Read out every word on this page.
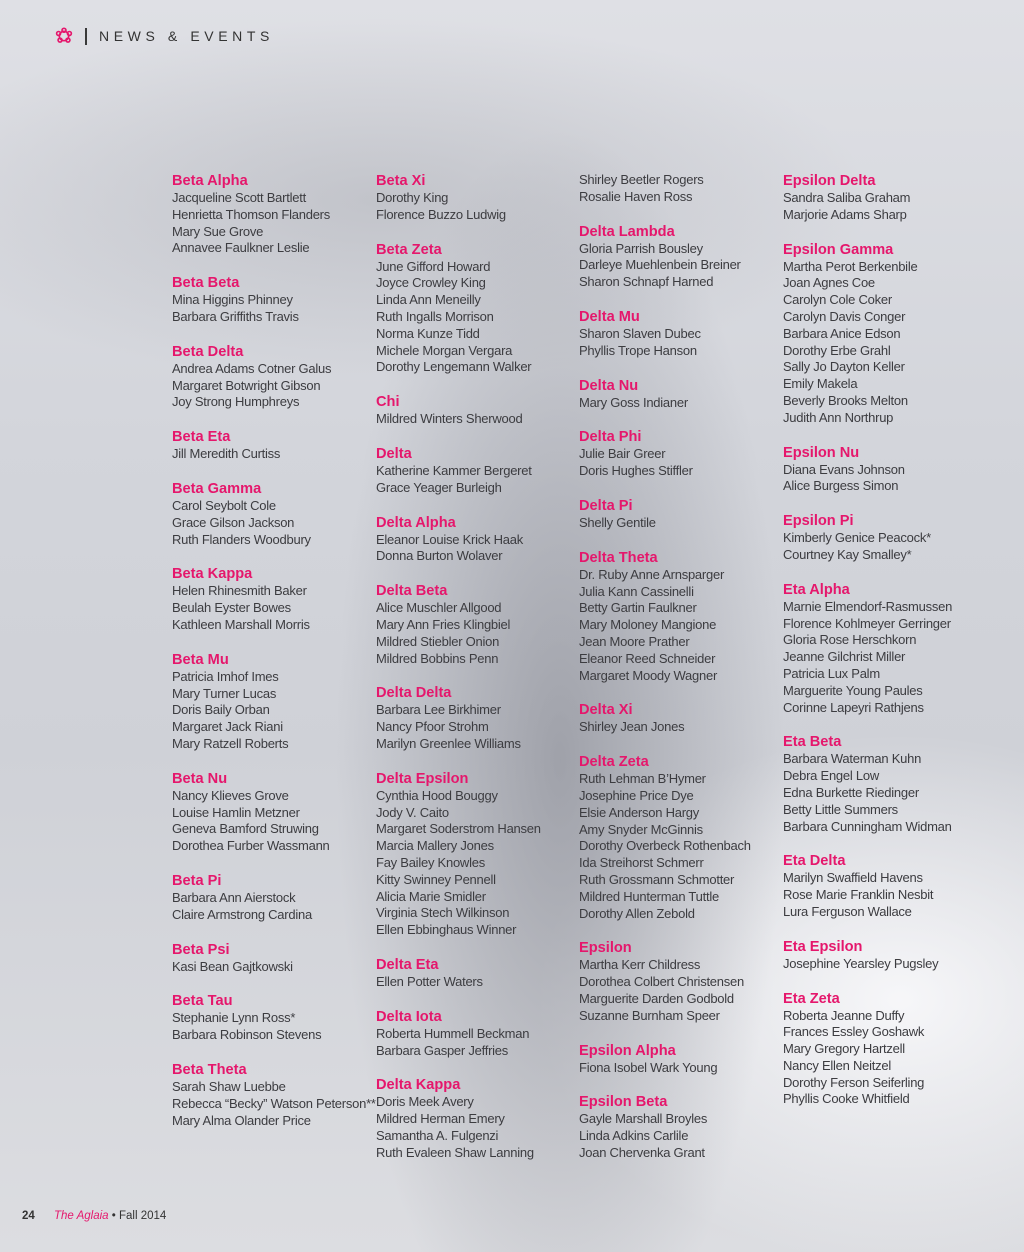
NEWS & EVENTS
Beta Alpha
Jacqueline Scott Bartlett
Henrietta Thomson Flanders
Mary Sue Grove
Annavee Faulkner Leslie
Beta Beta
Mina Higgins Phinney
Barbara Griffiths Travis
Beta Delta
Andrea Adams Cotner Galus
Margaret Botwright Gibson
Joy Strong Humphreys
Beta Eta
Jill Meredith Curtiss
Beta Gamma
Carol Seybolt Cole
Grace Gilson Jackson
Ruth Flanders Woodbury
Beta Kappa
Helen Rhinesmith Baker
Beulah Eyster Bowes
Kathleen Marshall Morris
Beta Mu
Patricia Imhof Imes
Mary Turner Lucas
Doris Baily Orban
Margaret Jack Riani
Mary Ratzell Roberts
Beta Nu
Nancy Klieves Grove
Louise Hamlin Metzner
Geneva Bamford Struwing
Dorothea Furber Wassmann
Beta Pi
Barbara Ann Aierstock
Claire Armstrong Cardina
Beta Psi
Kasi Bean Gajtkowski
Beta Tau
Stephanie Lynn Ross*
Barbara Robinson Stevens
Beta Theta
Sarah Shaw Luebbe
Rebecca “Becky” Watson Peterson**
Mary Alma Olander Price
Beta Xi
Dorothy King
Florence Buzzo Ludwig
Beta Zeta
June Gifford Howard
Joyce Crowley King
Linda Ann Meneilly
Ruth Ingalls Morrison
Norma Kunze Tidd
Michele Morgan Vergara
Dorothy Lengemann Walker
Chi
Mildred Winters Sherwood
Delta
Katherine Kammer Bergeret
Grace Yeager Burleigh
Delta Alpha
Eleanor Louise Krick Haak
Donna Burton Wolaver
Delta Beta
Alice Muschler Allgood
Mary Ann Fries Klingbiel
Mildred Stiebler Onion
Mildred Bobbins Penn
Delta Delta
Barbara Lee Birkhimer
Nancy Pfoor Strohm
Marilyn Greenlee Williams
Delta Epsilon
Cynthia Hood Bouggy
Jody V. Caito
Margaret Soderstrom Hansen
Marcia Mallery Jones
Fay Bailey Knowles
Kitty Swinney Pennell
Alicia Marie Smidler
Virginia Stech Wilkinson
Ellen Ebbinghaus Winner
Delta Eta
Ellen Potter Waters
Delta Iota
Roberta Hummell Beckman
Barbara Gasper Jeffries
Delta Kappa
Doris Meek Avery
Mildred Herman Emery
Samantha A. Fulgenzi
Ruth Evaleen Shaw Lanning
Shirley Beetler Rogers
Rosalie Haven Ross
Delta Lambda
Gloria Parrish Bousley
Darleye Muehlenbein Breiner
Sharon Schnapf Harned
Delta Mu
Sharon Slaven Dubec
Phyllis Trope Hanson
Delta Nu
Mary Goss Indianer
Delta Phi
Julie Bair Greer
Doris Hughes Stiffler
Delta Pi
Shelly Gentile
Delta Theta
Dr. Ruby Anne Arnsparger
Julia Kann Cassinelli
Betty Gartin Faulkner
Mary Moloney Mangione
Jean Moore Prather
Eleanor Reed Schneider
Margaret Moody Wagner
Delta Xi
Shirley Jean Jones
Delta Zeta
Ruth Lehman B’Hymer
Josephine Price Dye
Elsie Anderson Hargy
Amy Snyder McGinnis
Dorothy Overbeck Rothenbach
Ida Streihorst Schmerr
Ruth Grossmann Schmotter
Mildred Hunterman Tuttle
Dorothy Allen Zebold
Epsilon
Martha Kerr Childress
Dorothea Colbert Christensen
Marguerite Darden Godbold
Suzanne Burnham Speer
Epsilon Alpha
Fiona Isobel Wark Young
Epsilon Beta
Gayle Marshall Broyles
Linda Adkins Carlile
Joan Chervenka Grant
Epsilon Delta
Sandra Saliba Graham
Marjorie Adams Sharp
Epsilon Gamma
Martha Perot Berkenbile
Joan Agnes Coe
Carolyn Cole Coker
Carolyn Davis Conger
Barbara Anice Edson
Dorothy Erbe Grahl
Sally Jo Dayton Keller
Emily Makela
Beverly Brooks Melton
Judith Ann Northrup
Epsilon Nu
Diana Evans Johnson
Alice Burgess Simon
Epsilon Pi
Kimberly Genice Peacock*
Courtney Kay Smalley*
Eta Alpha
Marnie Elmendorf-Rasmussen
Florence Kohlmeyer Gerringer
Gloria Rose Herschkorn
Jeanne Gilchrist Miller
Patricia Lux Palm
Marguerite Young Paules
Corinne Lapeyri Rathjens
Eta Beta
Barbara Waterman Kuhn
Debra Engel Low
Edna Burkette Riedinger
Betty Little Summers
Barbara Cunningham Widman
Eta Delta
Marilyn Swaffield Havens
Rose Marie Franklin Nesbit
Lura Ferguson Wallace
Eta Epsilon
Josephine Yearsley Pugsley
Eta Zeta
Roberta Jeanne Duffy
Frances Essley Goshawk
Mary Gregory Hartzell
Nancy Ellen Neitzel
Dorothy Ferson Seiferling
Phyllis Cooke Whitfield
24 The Aglaia • Fall 2014
